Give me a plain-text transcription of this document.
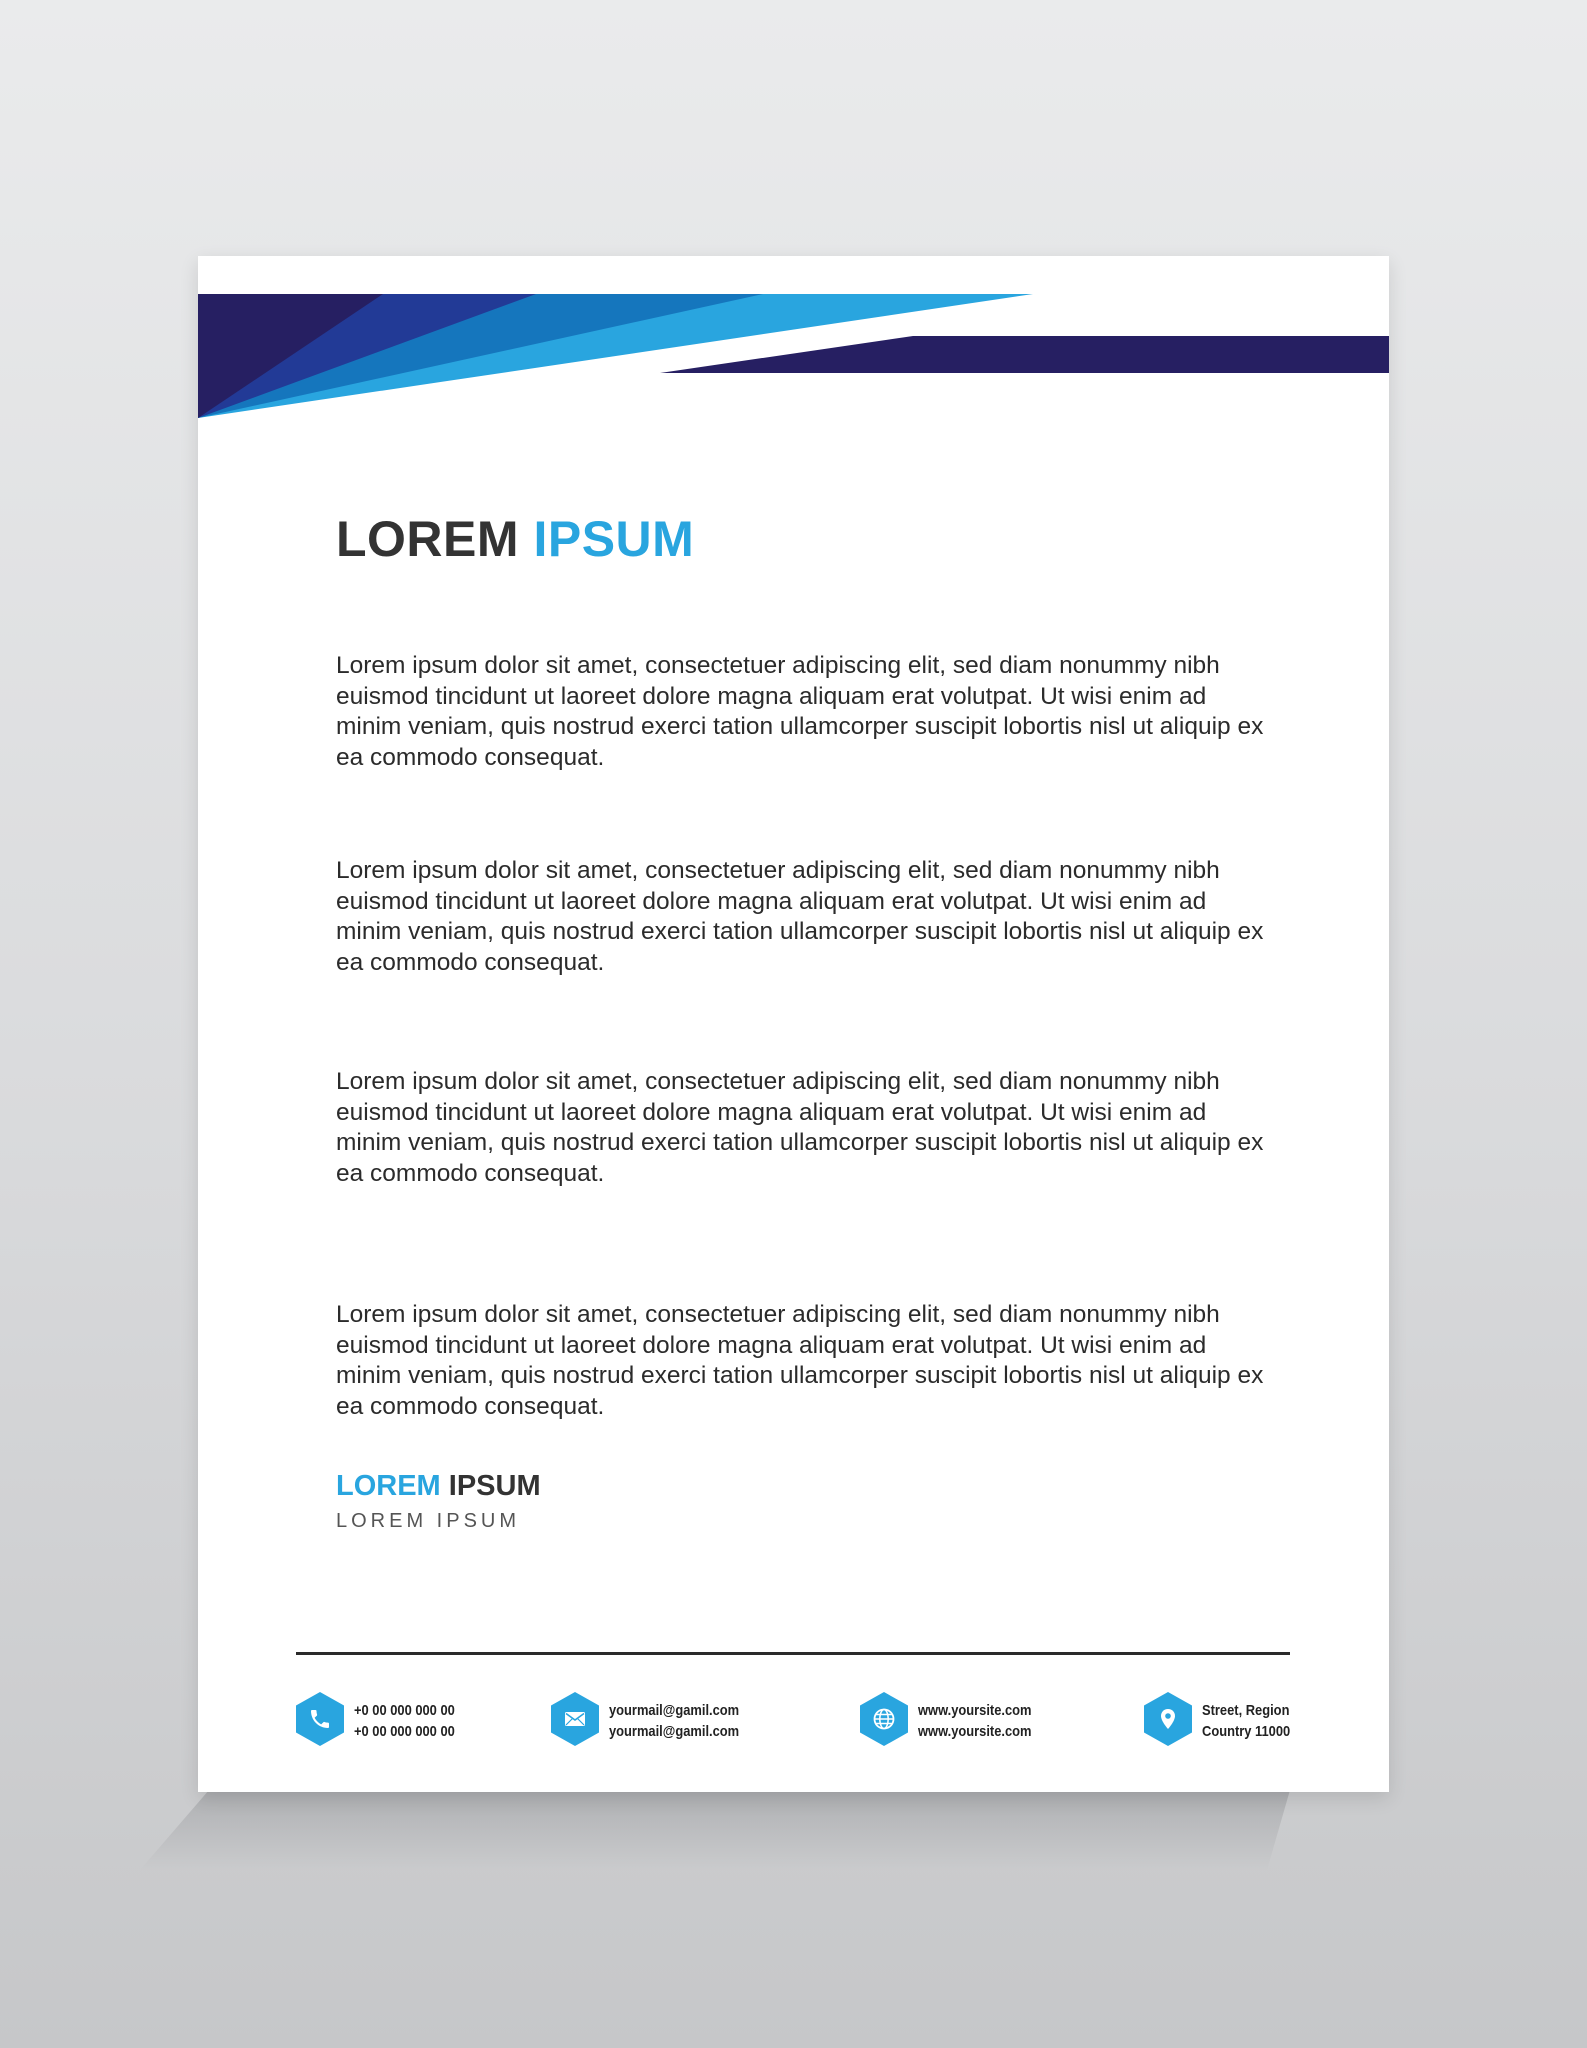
LOREM IPSUM

Lorem ipsum dolor sit amet, consectetuer adipiscing elit, sed diam nonummy nibh euismod tincidunt ut laoreet dolore magna aliquam erat volutpat. Ut wisi enim ad minim veniam, quis nostrud exerci tation ullamcorper suscipit lobortis nisl ut aliquip ex ea commodo consequat.

Lorem ipsum dolor sit amet, consectetuer adipiscing elit, sed diam nonummy nibh euismod tincidunt ut laoreet dolore magna aliquam erat volutpat. Ut wisi enim ad minim veniam, quis nostrud exerci tation ullamcorper suscipit lobortis nisl ut aliquip ex ea commodo consequat.

Lorem ipsum dolor sit amet, consectetuer adipiscing elit, sed diam nonummy nibh euismod tincidunt ut laoreet dolore magna aliquam erat volutpat. Ut wisi enim ad minim veniam, quis nostrud exerci tation ullamcorper suscipit lobortis nisl ut aliquip ex ea commodo consequat.

Lorem ipsum dolor sit amet, consectetuer adipiscing elit, sed diam nonummy nibh euismod tincidunt ut laoreet dolore magna aliquam erat volutpat. Ut wisi enim ad minim veniam, quis nostrud exerci tation ullamcorper suscipit lobortis nisl ut aliquip ex ea commodo consequat.

LOREM IPSUM
LOREM IPSUM
+0 00 000 000 00
+0 00 000 000 00
yourmail@gamil.com
yourmail@gamil.com
www.yoursite.com
www.yoursite.com
Street, Region
Country 11000
